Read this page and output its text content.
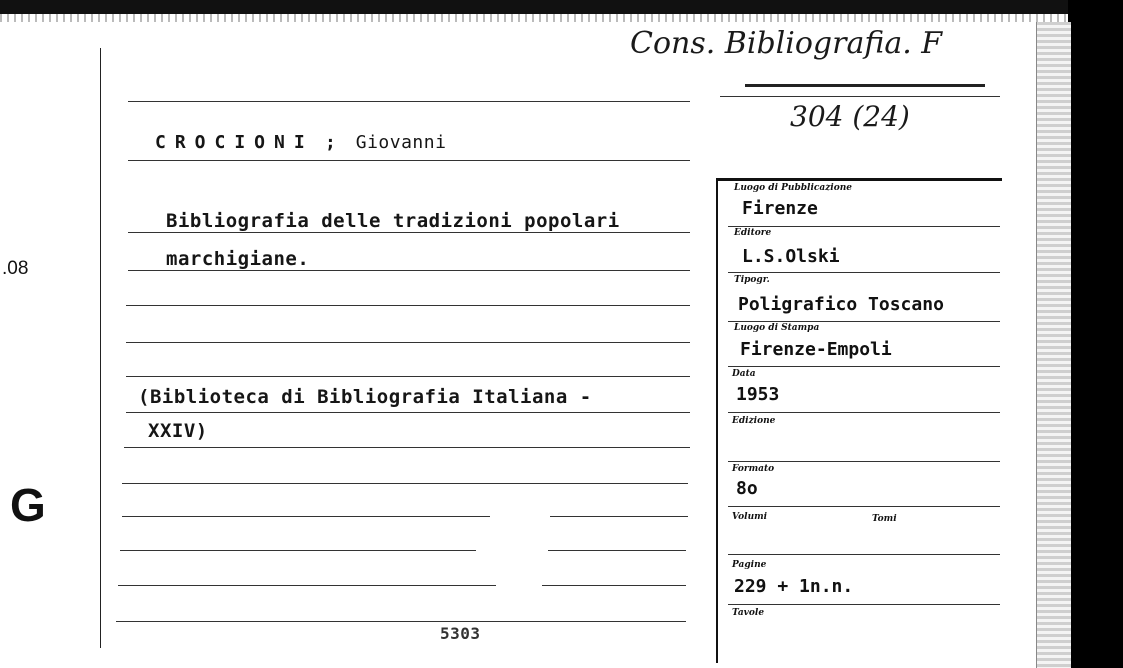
.08
G
Cons. Bibliografia. F
304 (24)
CROCIONI ; Giovanni
Bibliografia delle tradizioni popolari
marchigiane.
(Biblioteca di Bibliografia Italiana -
XXIV)
5303
Luogo di Pubblicazione
Firenze
Editore
L.S.Olski
Tipogr.
Poligrafico Toscano
Luogo di Stampa
Firenze-Empoli
Data
1953
Edizione
Formato
8o
Volumi	Tomi
Pagine
229 + 1n.n.
Tavole
